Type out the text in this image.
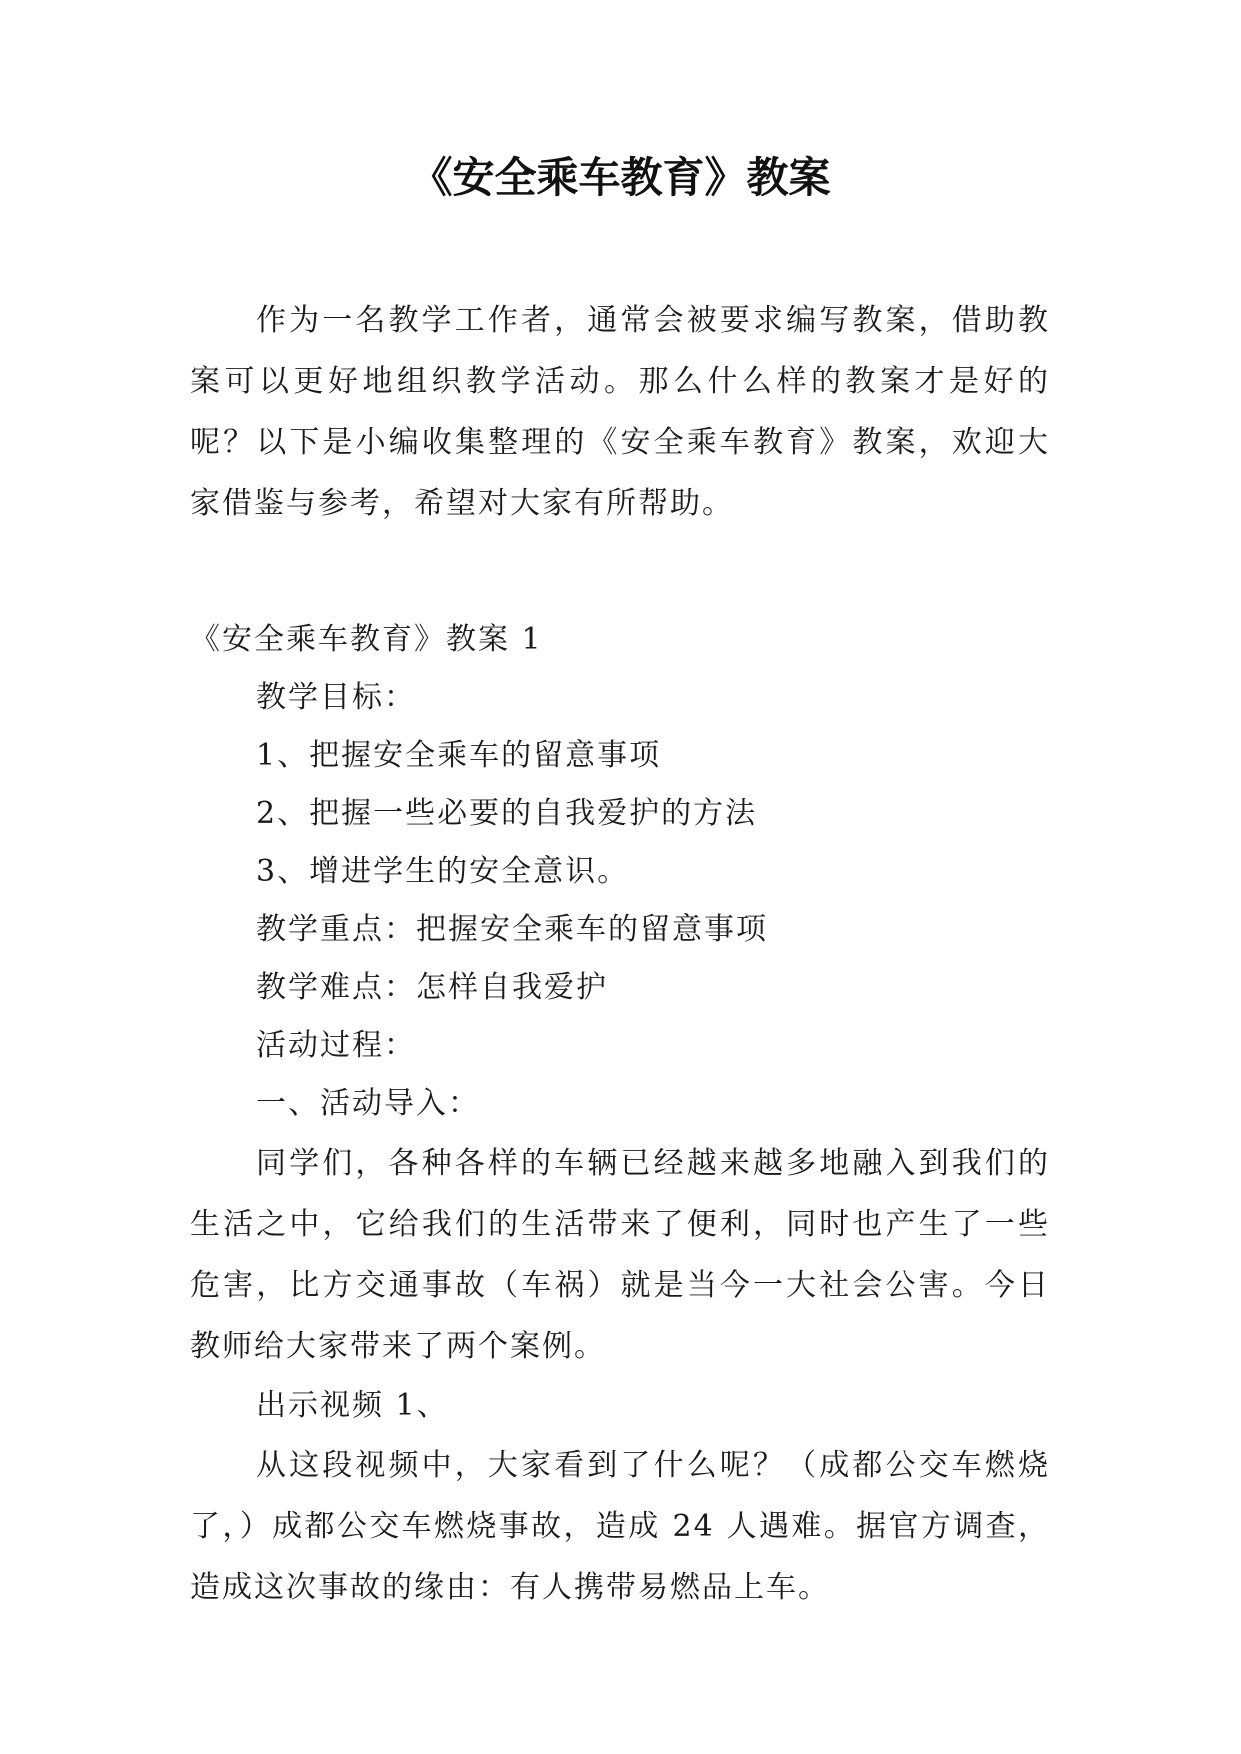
《安全乘车教育》教案

作为一名教学工作者，通常会被要求编写教案，借助教案可以更好地组织教学活动。那么什么样的教案才是好的呢？以下是小编收集整理的《安全乘车教育》教案，欢迎大家借鉴与参考，希望对大家有所帮助。

《安全乘车教育》教案 1

教学目标：

1、把握安全乘车的留意事项

2、把握一些必要的自我爱护的方法

3、增进学生的安全意识。

教学重点：把握安全乘车的留意事项

教学难点：怎样自我爱护

活动过程：

一、活动导入：

同学们，各种各样的车辆已经越来越多地融入到我们的生活之中，它给我们的生活带来了便利，同时也产生了一些危害，比方交通事故（车祸）就是当今一大社会公害。今日教师给大家带来了两个案例。

出示视频 1、

从这段视频中，大家看到了什么呢？（成都公交车燃烧了，）成都公交车燃烧事故，造成 24 人遇难。据官方调查，造成这次事故的缘由：有人携带易燃品上车。
